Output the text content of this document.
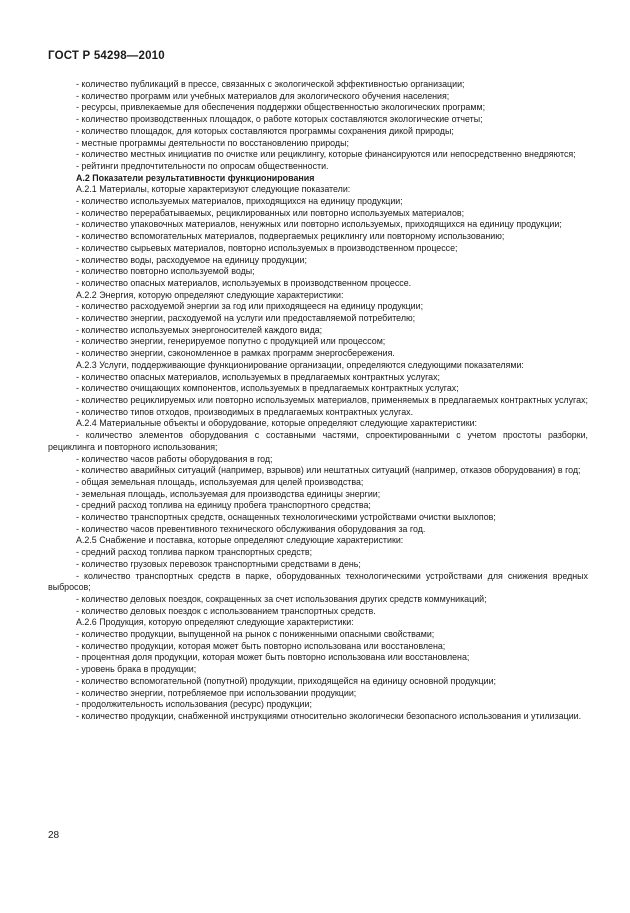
ГОСТ Р 54298—2010

- количество публикаций в прессе, связанных с экологической эффективностью организации;

- количество программ или учебных материалов для экологического обучения населения;

- ресурсы, привлекаемые для обеспечения поддержки общественностью экологических программ;

- количество производственных площадок, о работе которых составляются экологические отчеты;

- количество площадок, для которых составляются программы сохранения дикой природы;

- местные программы деятельности по восстановлению природы;

- количество местных инициатив по очистке или рециклингу, которые финансируются или непосредственно внедряются;

- рейтинги предпочтительности по опросам общественности.

А.2 Показатели результативности функционирования

А.2.1 Материалы, которые характеризуют следующие показатели:

- количество используемых материалов, приходящихся на единицу продукции;

- количество перерабатываемых, рециклированных или повторно используемых материалов;

- количество упаковочных материалов, ненужных или повторно используемых, приходящихся на единицу продукции;

- количество вспомогательных материалов, подвергаемых рециклингу или повторному использованию;

- количество сырьевых материалов, повторно используемых в производственном процессе;

- количество воды, расходуемое на единицу продукции;

- количество повторно используемой воды;

- количество опасных материалов, используемых в производственном процессе.

А.2.2 Энергия, которую определяют следующие характеристики:

- количество расходуемой энергии за год или приходящееся на единицу продукции;

- количество энергии, расходуемой на услуги или предоставляемой потребителю;

- количество используемых энергоносителей каждого вида;

- количество энергии, генерируемое попутно с продукцией или процессом;

- количество энергии, сэкономленное в рамках программ энергосбережения.

А.2.3 Услуги, поддерживающие функционирование организации, определяются следующими показателями:

- количество опасных материалов, используемых в предлагаемых контрактных услугах;

- количество очищающих компонентов, используемых в предлагаемых контрактных услугах;

- количество рециклируемых или повторно используемых материалов, применяемых в предлагаемых контрактных услугах;

- количество типов отходов, производимых в предлагаемых контрактных услугах.

А.2.4 Материальные объекты и оборудование, которые определяют следующие характеристики:

- количество элементов оборудования с составными частями, спроектированными с учетом простоты разборки, рециклинга и повторного использования;

- количество часов работы оборудования в год;

- количество аварийных ситуаций (например, взрывов) или нештатных ситуаций (например, отказов оборудования) в год;

- общая земельная площадь, используемая для целей производства;

- земельная площадь, используемая для производства единицы энергии;

- средний расход топлива на единицу пробега транспортного средства;

- количество транспортных средств, оснащенных технологическими устройствами очистки выхлопов;

- количество часов превентивного технического обслуживания оборудования за год.

А.2.5 Снабжение и поставка, которые определяют следующие характеристики:

- средний расход топлива парком транспортных средств;

- количество грузовых перевозок транспортными средствами в день;

- количество транспортных средств в парке, оборудованных технологическими устройствами для снижения вредных выбросов;

- количество деловых поездок, сокращенных за счет использования других средств коммуникаций;

- количество деловых поездок с использованием транспортных средств.

А.2.6 Продукция, которую определяют следующие характеристики:

- количество продукции, выпущенной на рынок с пониженными опасными свойствами;

- количество продукции, которая может быть повторно использована или восстановлена;

- процентная доля продукции, которая может быть повторно использована или восстановлена;

- уровень брака в продукции;

- количество вспомогательной (попутной) продукции, приходящейся на единицу основной продукции;

- количество энергии, потребляемое при использовании продукции;

- продолжительность использования (ресурс) продукции;

- количество продукции, снабженной инструкциями относительно экологически безопасного использования и утилизации.

28
